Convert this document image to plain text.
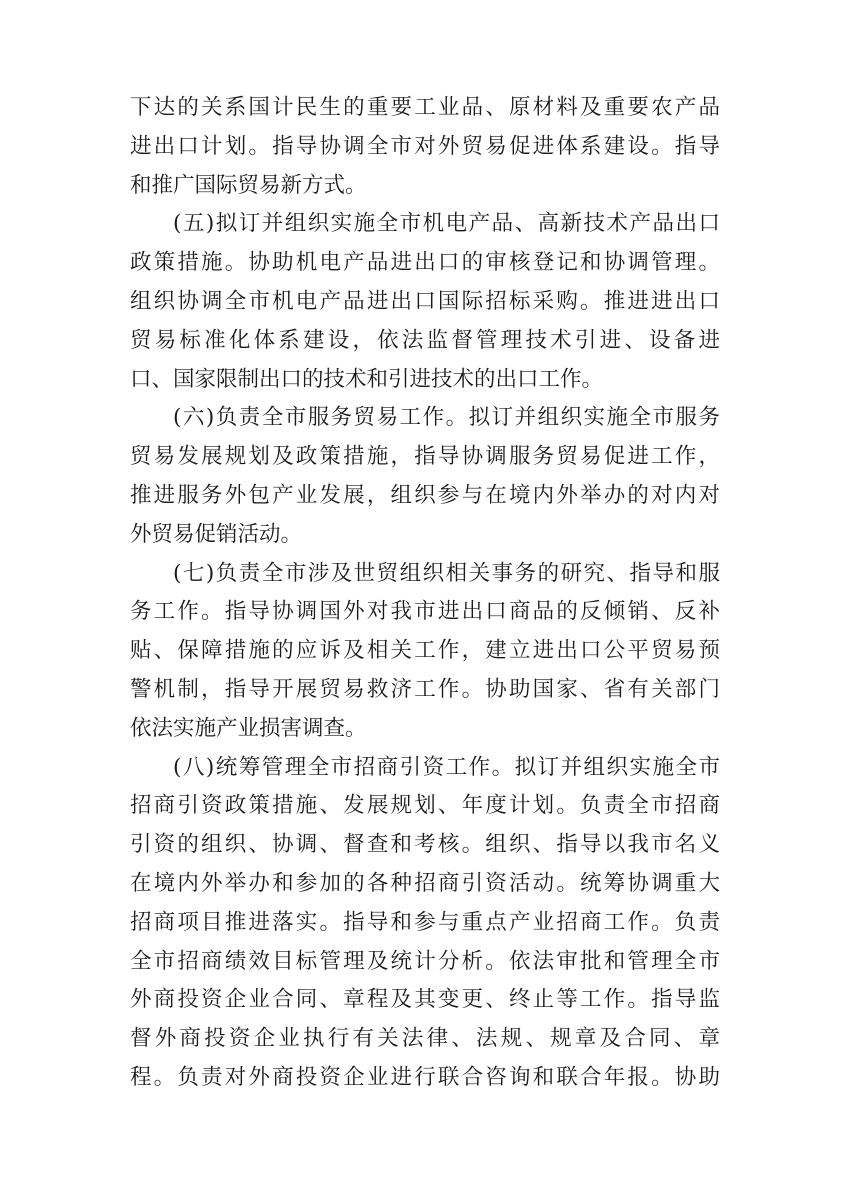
下达的关系国计民生的重要工业品、原材料及重要农产品
进出口计划。指导协调全市对外贸易促进体系建设。指导
和推广国际贸易新方式。
(五)拟订并组织实施全市机电产品、高新技术产品出口
政策措施。协助机电产品进出口的审核登记和协调管理。
组织协调全市机电产品进出口国际招标采购。推进进出口
贸易标准化体系建设，依法监督管理技术引进、设备进
口、国家限制出口的技术和引进技术的出口工作。
(六)负责全市服务贸易工作。拟订并组织实施全市服务
贸易发展规划及政策措施，指导协调服务贸易促进工作，
推进服务外包产业发展，组织参与在境内外举办的对内对
外贸易促销活动。
(七)负责全市涉及世贸组织相关事务的研究、指导和服
务工作。指导协调国外对我市进出口商品的反倾销、反补
贴、保障措施的应诉及相关工作，建立进出口公平贸易预
警机制，指导开展贸易救济工作。协助国家、省有关部门
依法实施产业损害调查。
(八)统筹管理全市招商引资工作。拟订并组织实施全市
招商引资政策措施、发展规划、年度计划。负责全市招商
引资的组织、协调、督查和考核。组织、指导以我市名义
在境内外举办和参加的各种招商引资活动。统筹协调重大
招商项目推进落实。指导和参与重点产业招商工作。负责
全市招商绩效目标管理及统计分析。依法审批和管理全市
外商投资企业合同、章程及其变更、终止等工作。指导监
督外商投资企业执行有关法律、法规、规章及合同、章
程。负责对外商投资企业进行联合咨询和联合年报。协助
